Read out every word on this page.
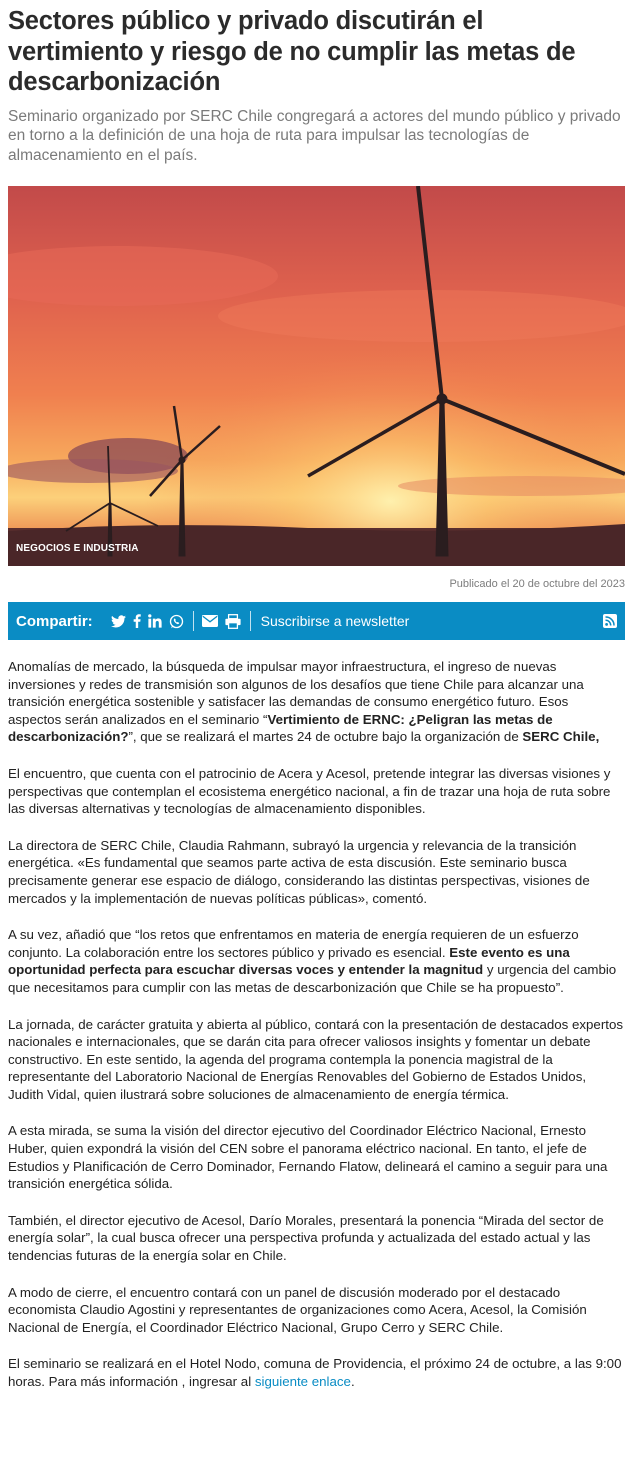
Sectores público y privado discutirán el vertimiento y riesgo de no cumplir las metas de descarbonización

Seminario organizado por SERC Chile congregará a actores del mundo público y privado en torno a la definición de una hoja de ruta para impulsar las tecnologías de almacenamiento en el país.

NEGOCIOS E INDUSTRIA
Publicado el 20 de octubre del 2023
Compartir:	Suscribirse a newsletter

Anomalías de mercado, la búsqueda de impulsar mayor infraestructura, el ingreso de nuevas inversiones y redes de transmisión son algunos de los desafíos que tiene Chile para alcanzar una transición energética sostenible y satisfacer las demandas de consumo energético futuro. Esos aspectos serán analizados en el seminario “Vertimiento de ERNC: ¿Peligran las metas de descarbonización?”, que se realizará el martes 24 de octubre bajo la organización de SERC Chile,

El encuentro, que cuenta con el patrocinio de Acera y Acesol, pretende integrar las diversas visiones y perspectivas que contemplan el ecosistema energético nacional, a fin de trazar una hoja de ruta sobre las diversas alternativas y tecnologías de almacenamiento disponibles.

La directora de SERC Chile, Claudia Rahmann, subrayó la urgencia y relevancia de la transición energética. «Es fundamental que seamos parte activa de esta discusión. Este seminario busca precisamente generar ese espacio de diálogo, considerando las distintas perspectivas, visiones de mercados y la implementación de nuevas políticas públicas», comentó.

A su vez, añadió que “los retos que enfrentamos en materia de energía requieren de un esfuerzo conjunto. La colaboración entre los sectores público y privado es esencial. Este evento es una oportunidad perfecta para escuchar diversas voces y entender la magnitud y urgencia del cambio que necesitamos para cumplir con las metas de descarbonización que Chile se ha propuesto”.

La jornada, de carácter gratuita y abierta al público, contará con la presentación de destacados expertos nacionales e internacionales, que se darán cita para ofrecer valiosos insights y fomentar un debate constructivo. En este sentido, la agenda del programa contempla la ponencia magistral de la representante del Laboratorio Nacional de Energías Renovables del Gobierno de Estados Unidos, Judith Vidal, quien ilustrará sobre soluciones de almacenamiento de energía térmica.

A esta mirada, se suma la visión del director ejecutivo del Coordinador Eléctrico Nacional, Ernesto Huber, quien expondrá la visión del CEN sobre el panorama eléctrico nacional. En tanto, el jefe de Estudios y Planificación de Cerro Dominador, Fernando Flatow, delineará el camino a seguir para una transición energética sólida.

También, el director ejecutivo de Acesol, Darío Morales, presentará la ponencia “Mirada del sector de energía solar”, la cual busca ofrecer una perspectiva profunda y actualizada del estado actual y las tendencias futuras de la energía solar en Chile.

A modo de cierre, el encuentro contará con un panel de discusión moderado por el destacado economista Claudio Agostini y representantes de organizaciones como Acera, Acesol, la Comisión Nacional de Energía, el Coordinador Eléctrico Nacional, Grupo Cerro y SERC Chile.

El seminario se realizará en el Hotel Nodo, comuna de Providencia, el próximo 24 de octubre, a las 9:00 horas. Para más información , ingresar al siguiente enlace.
